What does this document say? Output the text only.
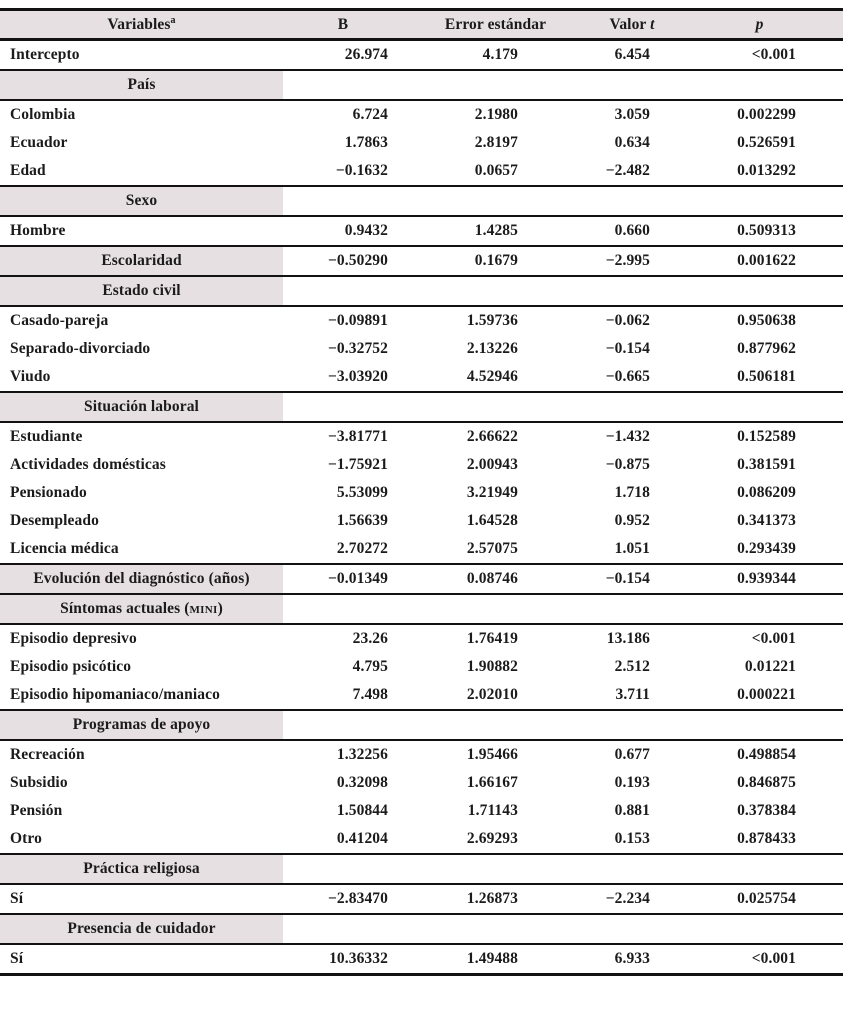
Variables$^a$	B	Error estándar	Valor t	p
Intercepto	26.974	4.179	6.454	<0.001
País				
Colombia	6.724	2.1980	3.059	0.002299
Ecuador	1.7863	2.8197	0.634	0.526591
Edad	−0.1632	0.0657	−2.482	0.013292
Sexo				
Hombre	0.9432	1.4285	0.660	0.509313
Escolaridad	−0.50290	0.1679	−2.995	0.001622
Estado civil				
Casado-pareja	−0.09891	1.59736	−0.062	0.950638
Separado-divorciado	−0.32752	2.13226	−0.154	0.877962
Viudo	−3.03920	4.52946	−0.665	0.506181
Situación laboral				
Estudiante	−3.81771	2.66622	−1.432	0.152589
Actividades domésticas	−1.75921	2.00943	−0.875	0.381591
Pensionado	5.53099	3.21949	1.718	0.086209
Desempleado	1.56639	1.64528	0.952	0.341373
Licencia médica	2.70272	2.57075	1.051	0.293439
Evolución del diagnóstico (años)	−0.01349	0.08746	−0.154	0.939344
Síntomas actuales (MINI)				
Episodio depresivo	23.26	1.76419	13.186	<0.001
Episodio psicótico	4.795	1.90882	2.512	0.01221
Episodio hipomaniaco/maniaco	7.498	2.02010	3.711	0.000221
Programas de apoyo				
Recreación	1.32256	1.95466	0.677	0.498854
Subsidio	0.32098	1.66167	0.193	0.846875
Pensión	1.50844	1.71143	0.881	0.378384
Otro	0.41204	2.69293	0.153	0.878433
Práctica religiosa				
Sí	−2.83470	1.26873	−2.234	0.025754
Presencia de cuidador				
Sí	10.36332	1.49488	6.933	<0.001
